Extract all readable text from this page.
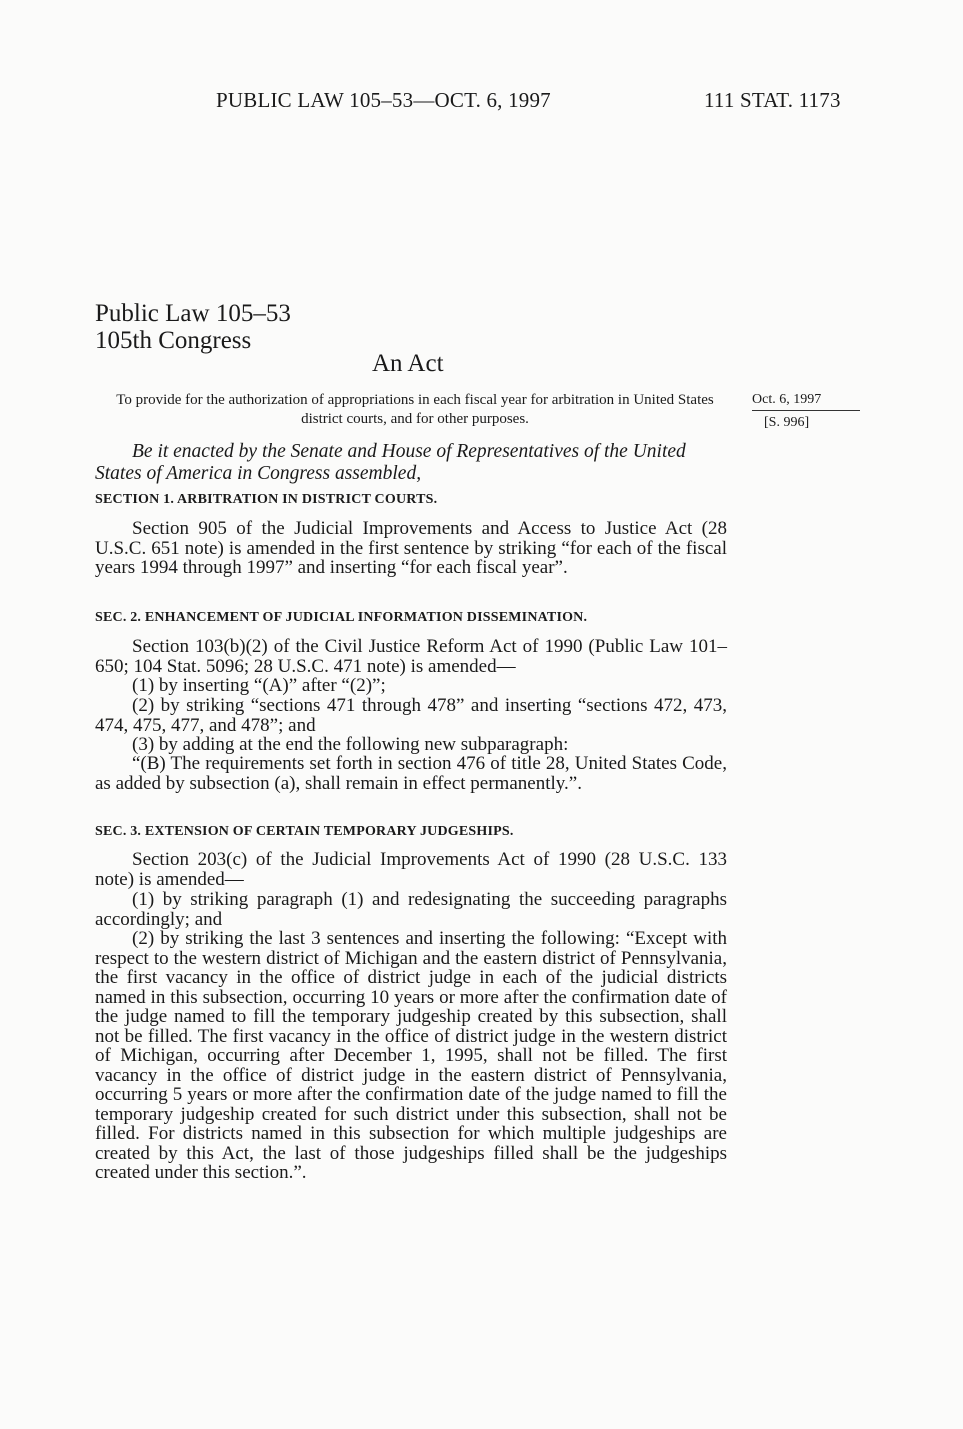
PUBLIC LAW 105–53—OCT. 6, 1997	111 STAT. 1173
Public Law 105–53
105th Congress
An Act
To provide for the authorization of appropriations in each fiscal year for arbitration in United States district courts, and for other purposes.
Oct. 6, 1997
[S. 996]

Be it enacted by the Senate and House of Representatives of the United States of America in Congress assembled,

SECTION 1. ARBITRATION IN DISTRICT COURTS.

Section 905 of the Judicial Improvements and Access to Justice Act (28 U.S.C. 651 note) is amended in the first sentence by striking “for each of the fiscal years 1994 through 1997” and inserting “for each fiscal year”.

SEC. 2. ENHANCEMENT OF JUDICIAL INFORMATION DISSEMINATION.

Section 103(b)(2) of the Civil Justice Reform Act of 1990 (Public Law 101–650; 104 Stat. 5096; 28 U.S.C. 471 note) is amended—

(1) by inserting “(A)” after “(2)”;

(2) by striking “sections 471 through 478” and inserting “sections 472, 473, 474, 475, 477, and 478”; and

(3) by adding at the end the following new subparagraph:

“(B) The requirements set forth in section 476 of title 28, United States Code, as added by subsection (a), shall remain in effect permanently.”.

SEC. 3. EXTENSION OF CERTAIN TEMPORARY JUDGESHIPS.

Section 203(c) of the Judicial Improvements Act of 1990 (28 U.S.C. 133 note) is amended—

(1) by striking paragraph (1) and redesignating the succeeding paragraphs accordingly; and

(2) by striking the last 3 sentences and inserting the following: “Except with respect to the western district of Michigan and the eastern district of Pennsylvania, the first vacancy in the office of district judge in each of the judicial districts named in this subsection, occurring 10 years or more after the confirmation date of the judge named to fill the temporary judgeship created by this subsection, shall not be filled. The first vacancy in the office of district judge in the western district of Michigan, occurring after December 1, 1995, shall not be filled. The first vacancy in the office of district judge in the eastern district of Pennsylvania, occurring 5 years or more after the confirmation date of the judge named to fill the temporary judgeship created for such district under this subsection, shall not be filled. For districts named in this subsection for which multiple judgeships are created by this Act, the last of those judgeships filled shall be the judgeships created under this section.”.
